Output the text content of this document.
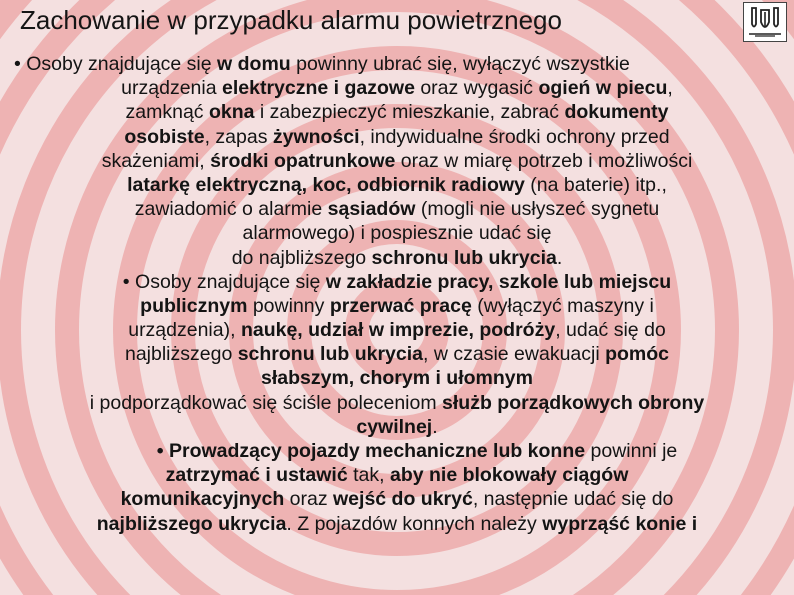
Zachowanie w przypadku alarmu powietrznego
• Osoby znajdujące się w domu powinny ubrać się, wyłączyć wszystkie
urządzenia elektryczne i gazowe oraz wygasić ogień w piecu,
zamknąć okna i zabezpieczyć mieszkanie, zabrać dokumenty
osobiste, zapas żywności, indywidualne środki ochrony przed
skażeniami, środki opatrunkowe oraz w miarę potrzeb i możliwości
latarkę elektryczną, koc, odbiornik radiowy (na baterie) itp.,
zawiadomić o alarmie sąsiadów (mogli nie usłyszeć sygnetu
alarmowego) i pospiesznie udać się
do najbliższego schronu lub ukrycia.
• Osoby znajdujące się w zakładzie pracy, szkole lub miejscu
publicznym powinny przerwać pracę (wyłączyć maszyny i
urządzenia), naukę, udział w imprezie, podróży, udać się do
najbliższego schronu lub ukrycia, w czasie ewakuacji pomóc
słabszym, chorym i ułomnym
i podporządkować się ściśle poleceniom służb porządkowych obrony
cywilnej.
• Prowadzący pojazdy mechaniczne lub konne powinni je
zatrzymać i ustawić tak, aby nie blokowały ciągów
komunikacyjnych oraz wejść do ukryć, następnie udać się do
najbliższego ukrycia. Z pojazdów konnych należy wyprząść konie i
